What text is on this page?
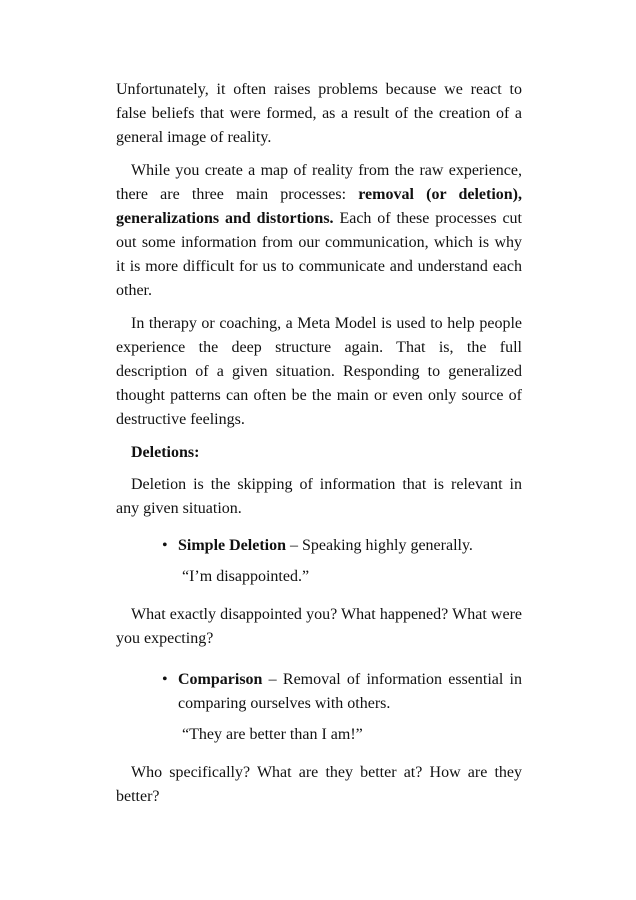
Unfortunately, it often raises problems because we react to false beliefs that were formed, as a result of the creation of a general image of reality.

While you create a map of reality from the raw experience, there are three main processes: removal (or deletion), generalizations and distortions. Each of these processes cut out some information from our communication, which is why it is more difficult for us to communicate and understand each other.

In therapy or coaching, a Meta Model is used to help people experience the deep structure again. That is, the full description of a given situation. Responding to generalized thought patterns can often be the main or even only source of destructive feelings.

Deletions:

Deletion is the skipping of information that is relevant in any given situation.

• Simple Deletion – Speaking highly generally.

“I’m disappointed.”

What exactly disappointed you? What happened? What were you expecting?

• Comparison – Removal of information essential in comparing ourselves with others.

“They are better than I am!”

Who specifically? What are they better at? How are they better?
